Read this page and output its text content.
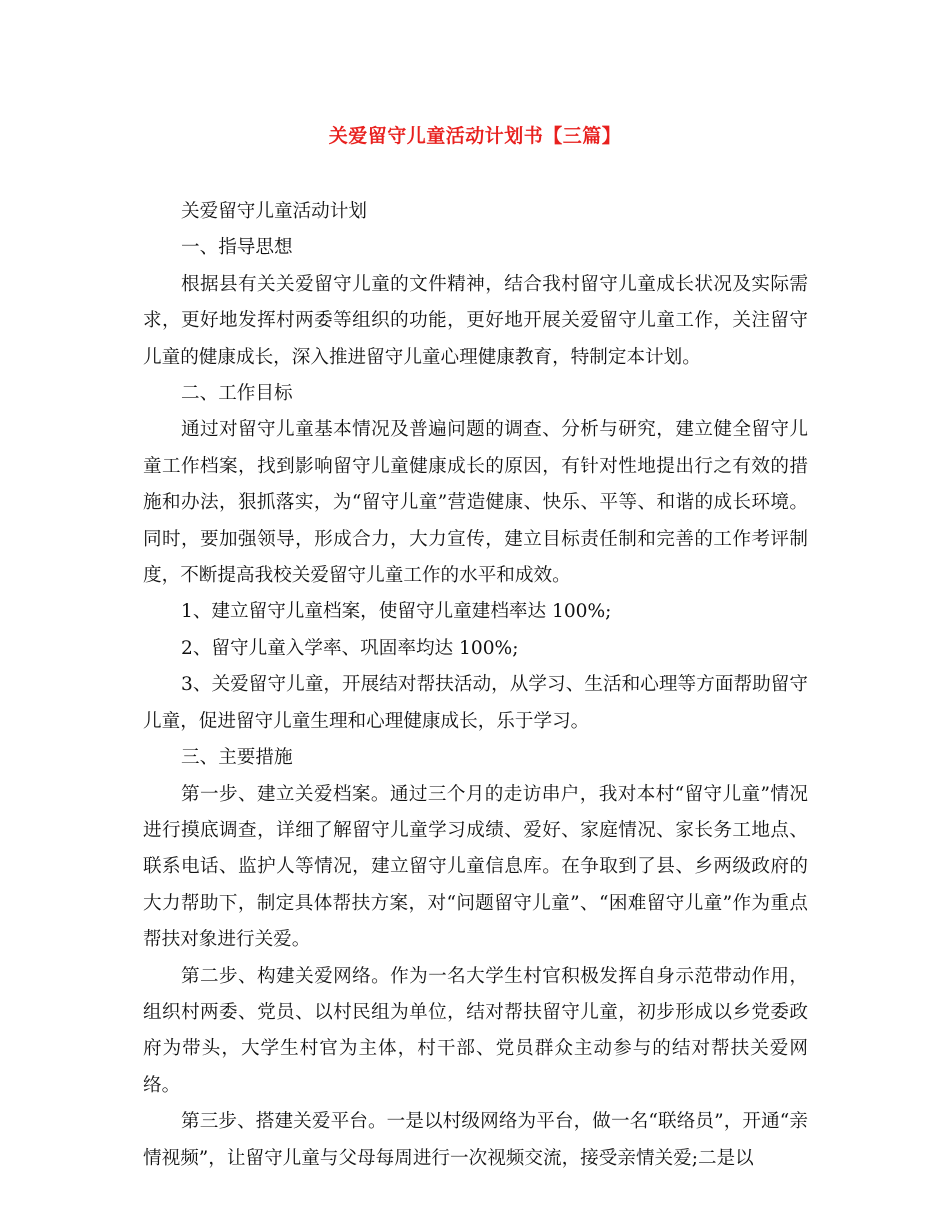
关爱留守儿童活动计划书【三篇】

关爱留守儿童活动计划

一、指导思想

根据县有关关爱留守儿童的文件精神，结合我村留守儿童成长状况及实际需求，更好地发挥村两委等组织的功能，更好地开展关爱留守儿童工作，关注留守儿童的健康成长，深入推进留守儿童心理健康教育，特制定本计划。

二、工作目标

通过对留守儿童基本情况及普遍问题的调查、分析与研究，建立健全留守儿童工作档案，找到影响留守儿童健康成长的原因，有针对性地提出行之有效的措施和办法，狠抓落实，为“留守儿童”营造健康、快乐、平等、和谐的成长环境。同时，要加强领导，形成合力，大力宣传，建立目标责任制和完善的工作考评制度，不断提高我校关爱留守儿童工作的水平和成效。

1、建立留守儿童档案，使留守儿童建档率达 100%;

2、留守儿童入学率、巩固率均达 100%;

3、关爱留守儿童，开展结对帮扶活动，从学习、生活和心理等方面帮助留守儿童，促进留守儿童生理和心理健康成长，乐于学习。

三、主要措施

第一步、建立关爱档案。通过三个月的走访串户，我对本村“留守儿童”情况进行摸底调查，详细了解留守儿童学习成绩、爱好、家庭情况、家长务工地点、联系电话、监护人等情况，建立留守儿童信息库。在争取到了县、乡两级政府的大力帮助下，制定具体帮扶方案，对“问题留守儿童”、“困难留守儿童”作为重点帮扶对象进行关爱。

第二步、构建关爱网络。作为一名大学生村官积极发挥自身示范带动作用，组织村两委、党员、以村民组为单位，结对帮扶留守儿童，初步形成以乡党委政府为带头，大学生村官为主体，村干部、党员群众主动参与的结对帮扶关爱网络。

第三步、搭建关爱平台。一是以村级网络为平台，做一名“联络员”，开通“亲情视频”，让留守儿童与父母每周进行一次视频交流，接受亲情关爱;二是以
